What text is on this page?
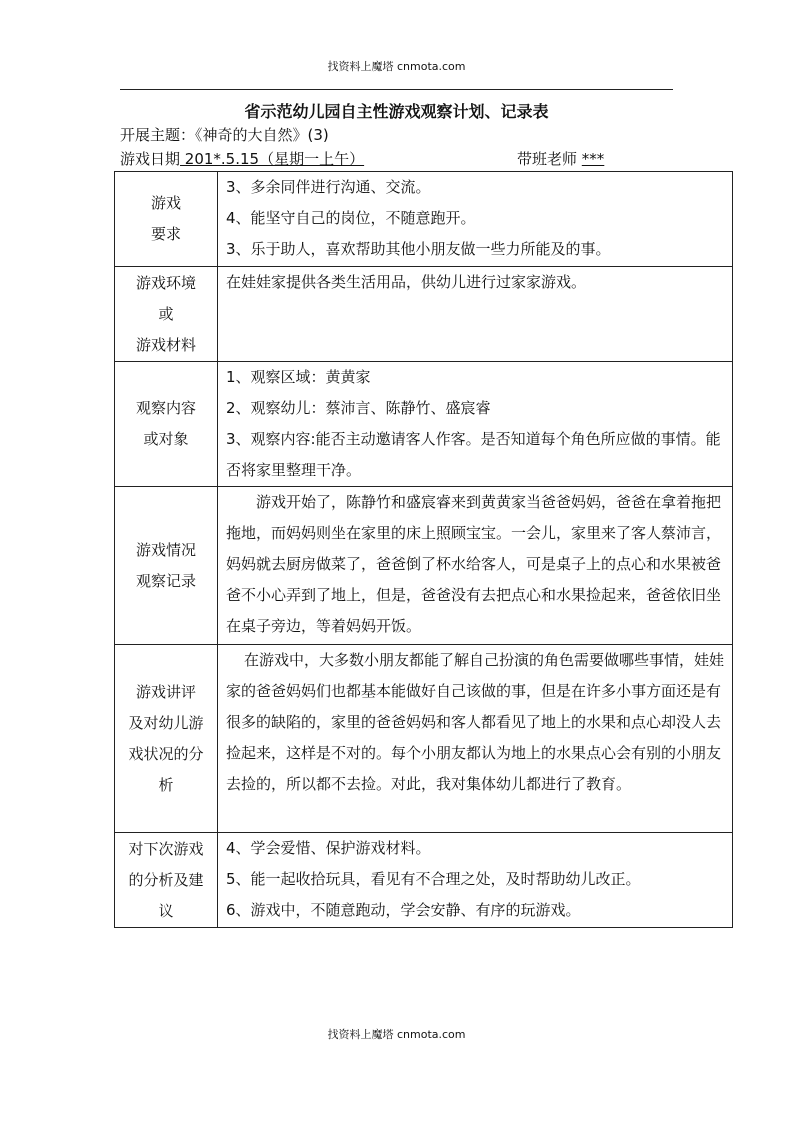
找资料上魔塔 cnmota.com
省示范幼儿园自主性游戏观察计划、记录表
开展主题：《神奇的大自然》(3)
游戏日期 201*.5.15（星期一上午）	带班老师 ***
游戏
要求	3、多余同伴进行沟通、交流。
4、能坚守自己的岗位，不随意跑开。
3、乐于助人，喜欢帮助其他小朋友做一些力所能及的事。

游戏环境
或
游戏材料	在娃娃家提供各类生活用品，供幼儿进行过家家游戏。

观察内容
或对象	1、观察区域：黄黄家
2、观察幼儿：蔡沛言、陈静竹、盛宸睿
3、观察内容:能否主动邀请客人作客。是否知道每个角色所应做的事情。能否将家里整理干净。

游戏情况
观察记录	游戏开始了，陈静竹和盛宸睿来到黄黄家当爸爸妈妈，爸爸在拿着拖把拖地，而妈妈则坐在家里的床上照顾宝宝。一会儿，家里来了客人蔡沛言，妈妈就去厨房做菜了，爸爸倒了杯水给客人，可是桌子上的点心和水果被爸爸不小心弄到了地上，但是，爸爸没有去把点心和水果捡起来，爸爸依旧坐在桌子旁边，等着妈妈开饭。

游戏讲评
及对幼儿游
戏状况的分
析	在游戏中，大多数小朋友都能了解自己扮演的角色需要做哪些事情，娃娃家的爸爸妈妈们也都基本能做好自己该做的事，但是在许多小事方面还是有很多的缺陷的，家里的爸爸妈妈和客人都看见了地上的水果和点心却没人去捡起来，这样是不对的。每个小朋友都认为地上的水果点心会有别的小朋友去捡的，所以都不去捡。对此，我对集体幼儿都进行了教育。

对下次游戏
的分析及建
议	4、学会爱惜、保护游戏材料。
5、能一起收拾玩具，看见有不合理之处，及时帮助幼儿改正。
6、游戏中，不随意跑动，学会安静、有序的玩游戏。
找资料上魔塔 cnmota.com
